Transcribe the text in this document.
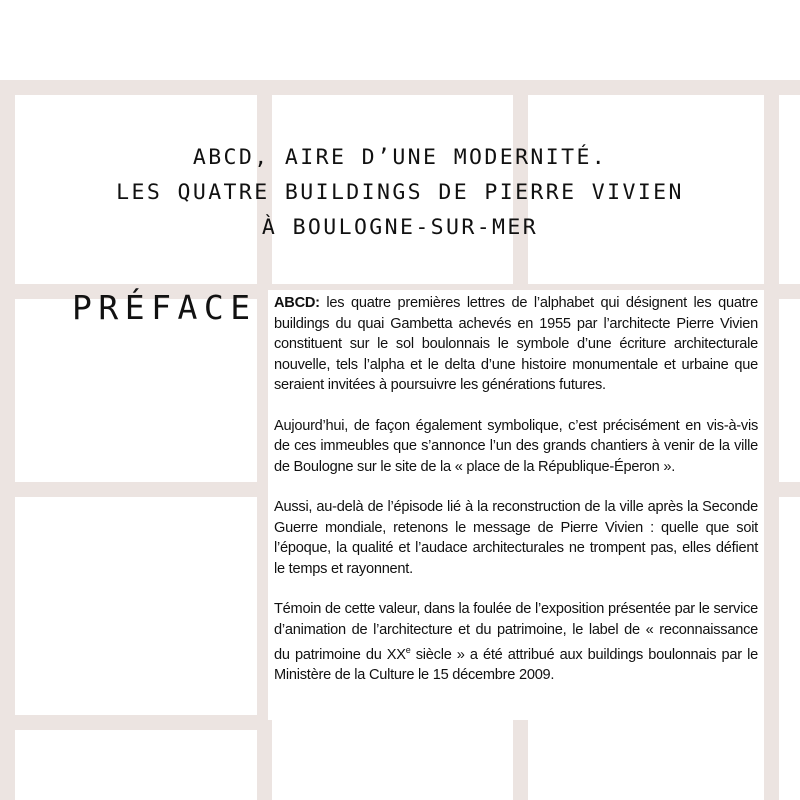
ABCD, AIRE D’UNE MODERNITÉ.
LES QUATRE BUILDINGS DE PIERRE VIVIEN
À BOULOGNE-SUR-MER
PRÉFACE ABCD: les quatre premières lettres de l’alphabet qui désignent les quatre buildings du quai Gambetta achevés en 1955 par l’architecte Pierre Vivien constituent sur le sol boulonnais le symbole d’une écriture architecturale nouvelle, tels l’alpha et le delta d’une histoire monumentale et urbaine que seraient invitées à poursuivre les générations futures.

Aujourd’hui, de façon également symbolique, c’est précisément en vis-à-vis de ces immeubles que s’annonce l’un des grands chantiers à venir de la ville de Boulogne sur le site de la « place de la République-Éperon ».

Aussi, au-delà de l’épisode lié à la reconstruction de la ville après la Seconde Guerre mondiale, retenons le message de Pierre Vivien : quelle que soit l’époque, la qualité et l’audace architecturales ne trompent pas, elles défient le temps et rayonnent.

Témoin de cette valeur, dans la foulée de l’exposition présentée par le service d’animation de l’architecture et du patrimoine, le label de « reconnaissance du patrimoine du XXe siècle » a été attribué aux buildings boulonnais par le Ministère de la Culture le 15 décembre 2009.
